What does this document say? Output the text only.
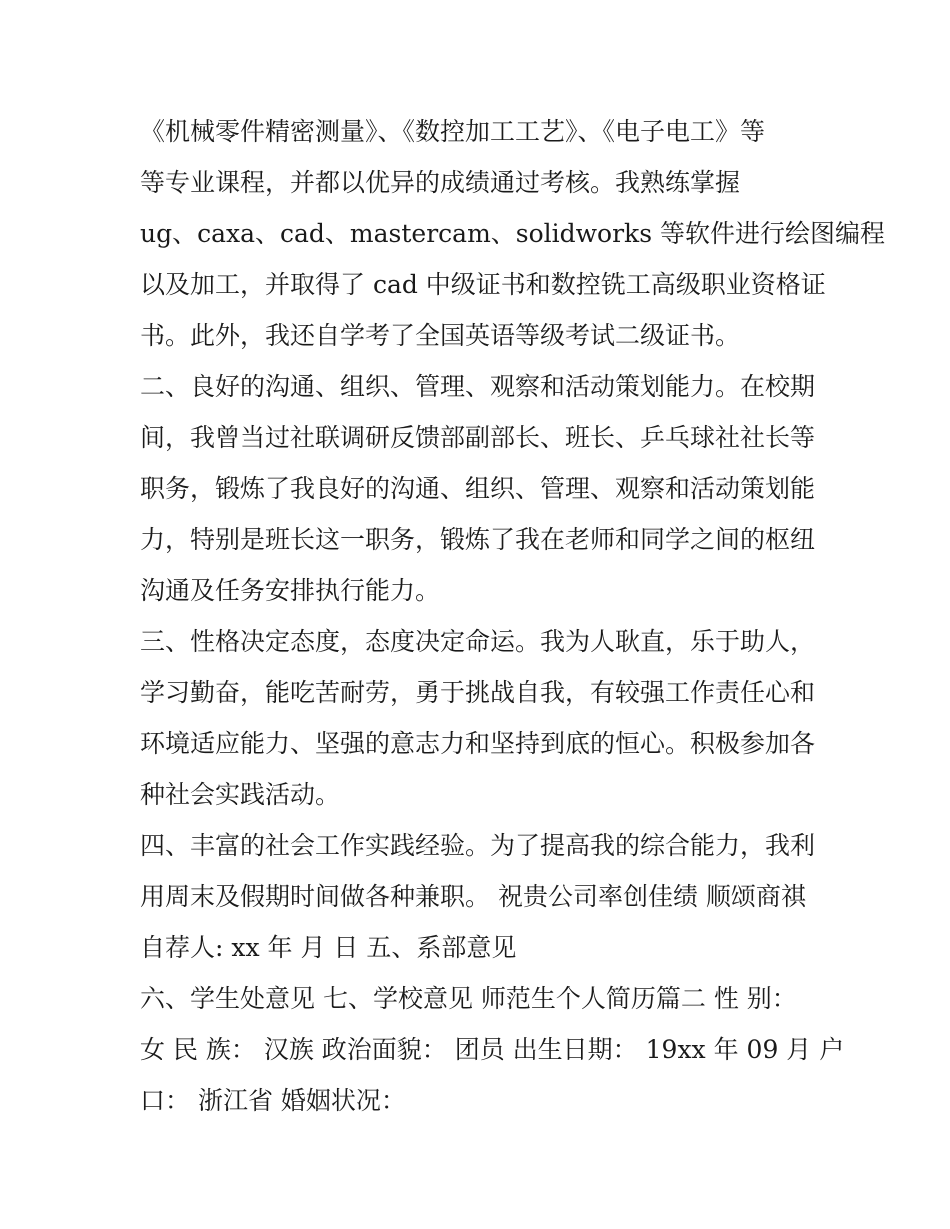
《机械零件精密测量》、《数控加工工艺》、《电子电工》等
等专业课程，并都以优异的成绩通过考核。我熟练掌握
ug、caxa、cad、mastercam、solidworks 等软件进行绘图编程
以及加工，并取得了 cad 中级证书和数控铣工高级职业资格证
书。此外，我还自学考了全国英语等级考试二级证书。
二、良好的沟通、组织、管理、观察和活动策划能力。在校期
间，我曾当过社联调研反馈部副部长、班长、乒乓球社社长等
职务，锻炼了我良好的沟通、组织、管理、观察和活动策划能
力，特别是班长这一职务，锻炼了我在老师和同学之间的枢纽
沟通及任务安排执行能力。
三、性格决定态度，态度决定命运。我为人耿直，乐于助人，
学习勤奋，能吃苦耐劳，勇于挑战自我，有较强工作责任心和
环境适应能力、坚强的意志力和坚持到底的恒心。积极参加各
种社会实践活动。
四、丰富的社会工作实践经验。为了提高我的综合能力，我利
用周末及假期时间做各种兼职。 祝贵公司率创佳绩 顺颂商祺
自荐人: xx 年 月 日 五、系部意见
六、学生处意见 七、学校意见 师范生个人简历篇二 性 别：
女 民 族： 汉族 政治面貌： 团员 出生日期： 19xx 年 09 月 户
口： 浙江省 婚姻状况：
